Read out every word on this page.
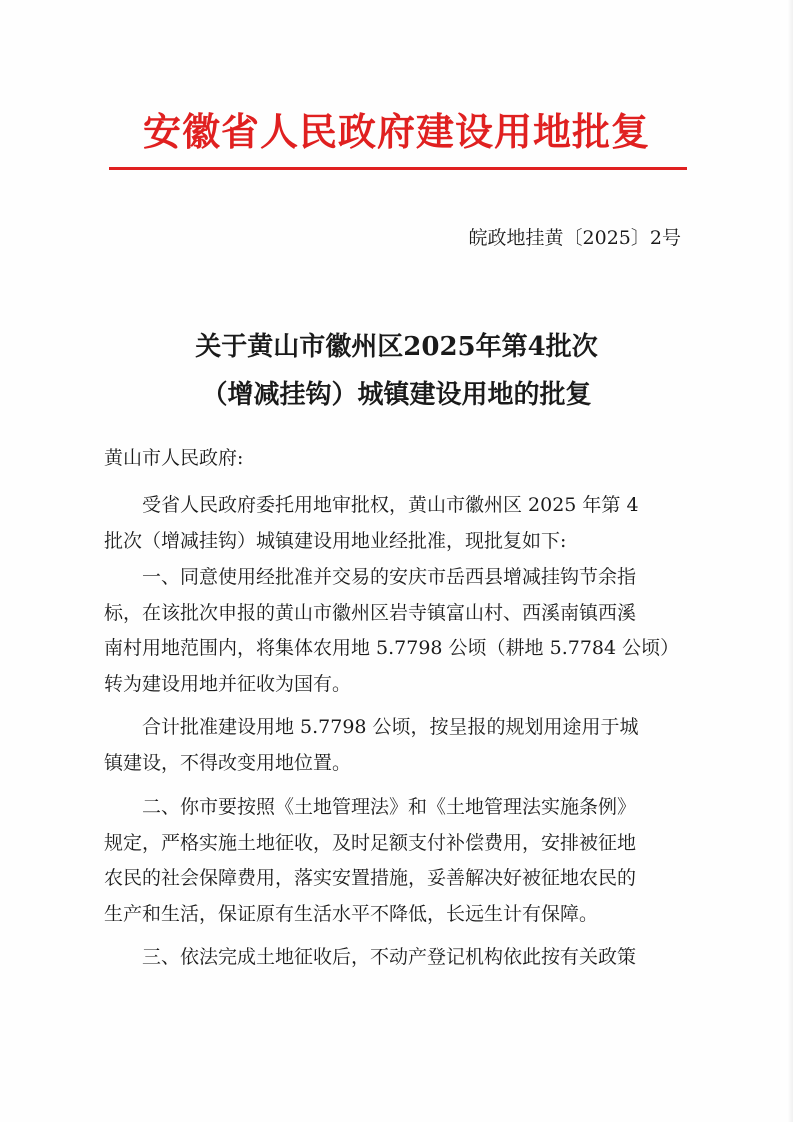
安徽省人民政府建设用地批复
皖政地挂黄〔2025〕2号
关于黄山市徽州区2025年第4批次
（增减挂钩）城镇建设用地的批复
黄山市人民政府:
受省人民政府委托用地审批权，黄山市徽州区 2025 年第 4
批次（增减挂钩）城镇建设用地业经批准，现批复如下:
一、同意使用经批准并交易的安庆市岳西县增减挂钩节余指
标，在该批次申报的黄山市徽州区岩寺镇富山村、西溪南镇西溪
南村用地范围内，将集体农用地 5.7798 公顷（耕地 5.7784 公顷）
转为建设用地并征收为国有。
合计批准建设用地 5.7798 公顷，按呈报的规划用途用于城
镇建设，不得改变用地位置。
二、你市要按照《土地管理法》和《土地管理法实施条例》
规定，严格实施土地征收，及时足额支付补偿费用，安排被征地
农民的社会保障费用，落实安置措施，妥善解决好被征地农民的
生产和生活，保证原有生活水平不降低，长远生计有保障。
三、依法完成土地征收后，不动产登记机构依此按有关政策
